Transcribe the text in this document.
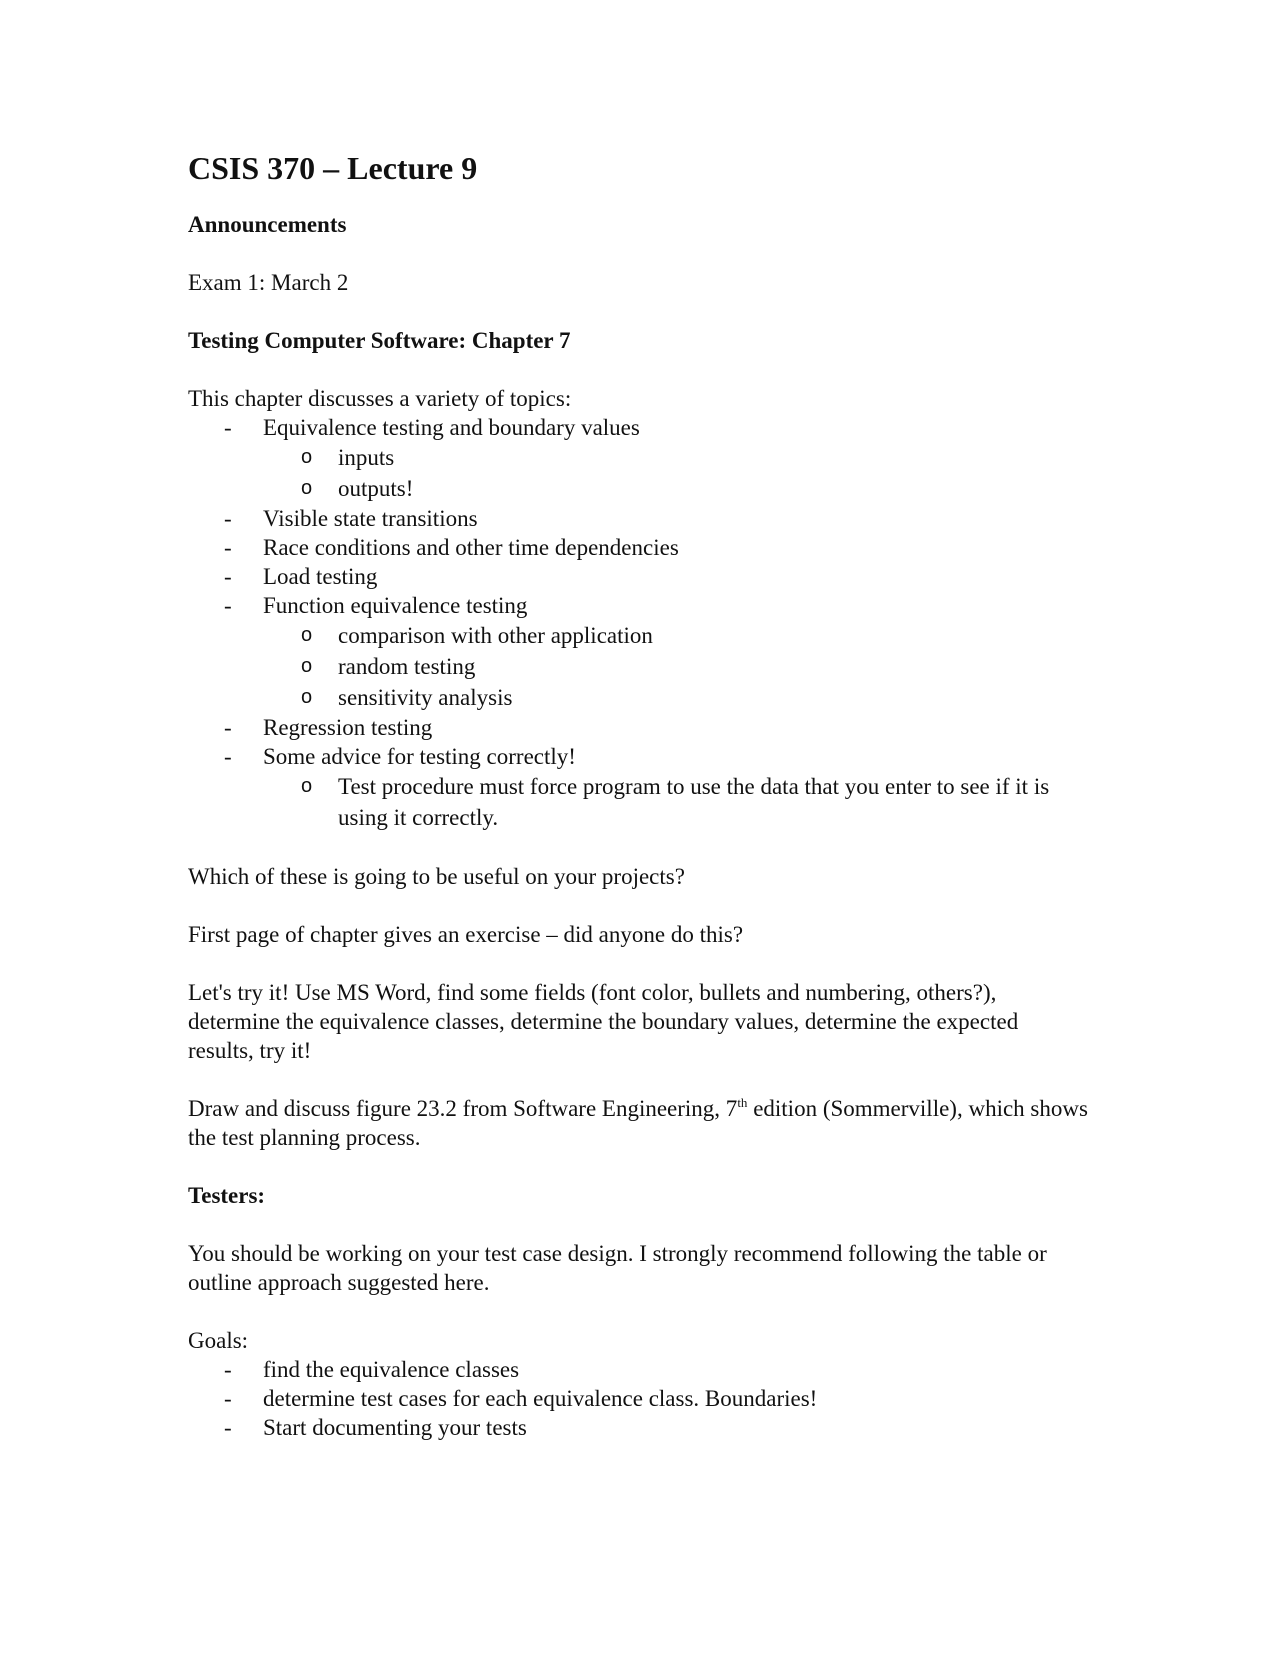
CSIS 370 – Lecture 9
Announcements

Exam 1: March 2

Testing Computer Software: Chapter 7

This chapter discusses a variety of topics:

- Equivalence testing and boundary values
o inputs
o outputs!
- Visible state transitions
- Race conditions and other time dependencies
- Load testing
- Function equivalence testing
o comparison with other application
o random testing
o sensitivity analysis
- Regression testing
- Some advice for testing correctly!
o Test procedure must force program to use the data that you enter to see if it is using it correctly.

Which of these is going to be useful on your projects?

First page of chapter gives an exercise – did anyone do this?

Let's try it! Use MS Word, find some fields (font color, bullets and numbering, others?), determine the equivalence classes, determine the boundary values, determine the expected results, try it!

Draw and discuss figure 23.2 from Software Engineering, 7th edition (Sommerville), which shows the test planning process.

Testers:

You should be working on your test case design. I strongly recommend following the table or outline approach suggested here.

Goals:

- find the equivalence classes
- determine test cases for each equivalence class. Boundaries!
- Start documenting your tests
